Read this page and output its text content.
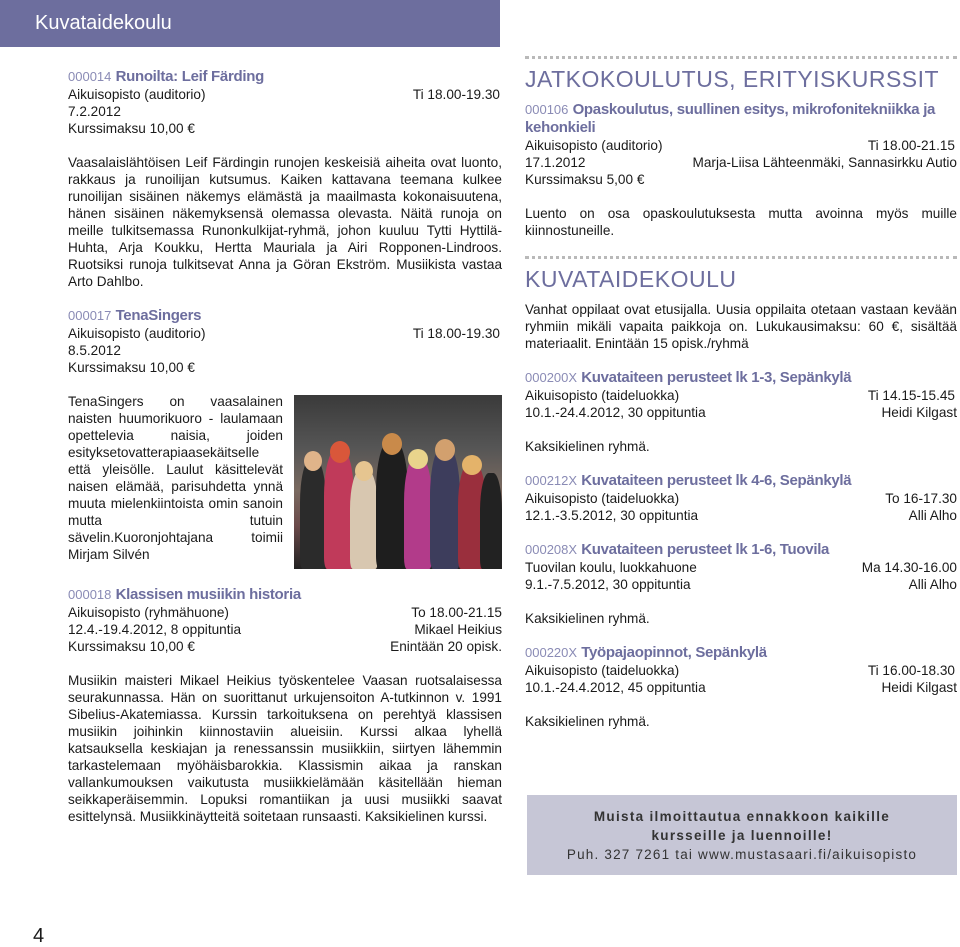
Kuvataidekoulu
000014 Runoilta: Leif Färding
Aikuisopisto (auditorio)	Ti 18.00-19.30
7.2.2012
Kurssimaksu 10,00 €
Vaasalaislähtöisen Leif Färdingin runojen keskeisiä aiheita ovat luonto, rakkaus ja runoilijan kutsumus. Kaiken kattavana teemana kulkee runoilijan sisäinen näkemys elämästä ja maailmasta kokonaisuutena, hänen sisäinen näkemyksensä olemassa olevasta. Näitä runoja on meille tulkitsemassa Runonkulkijat-ryhmä, johon kuuluu Tytti Hyttilä-Huhta, Arja Koukku, Hertta Mauriala ja Airi Ropponen-Lindroos. Ruotsiksi runoja tulkitsevat Anna ja Göran Ekström. Musiikista vastaa Arto Dahlbo.
000017 TenaSingers
Aikuisopisto (auditorio)	Ti 18.00-19.30
8.5.2012
Kurssimaksu 10,00 €
TenaSingers on vaasalainen naisten huumorikuoro - laulamaan opettelevia naisia, joiden esityksetovatterapiaasekäitselle että yleisölle. Laulut käsittelevät naisen elämää, parisuhdetta ynnä muuta mielenkiintoista omin sanoin mutta tutuin sävelin.Kuoronjohtajana toimii Mirjam Silvén
000018 Klassisen musiikin historia
Aikuisopisto (ryhmähuone)	To 18.00-21.15
12.4.-19.4.2012, 8 oppituntia	Mikael Heikius
Kurssimaksu 10,00 €	Enintään 20 opisk.
Musiikin maisteri Mikael Heikius työskentelee Vaasan ruotsalaisessa seurakunnassa. Hän on suorittanut urkujensoiton A-tutkinnon v. 1991 Sibelius-Akatemiassa. Kurssin tarkoituksena on perehtyä klassisen musiikin joihinkin kiinnostaviin alueisiin. Kurssi alkaa lyhellä katsauksella keskiajan ja renessanssin musiikkiin, siirtyen lähemmin tarkastelemaan myöhäisbarokkia. Klassismin aikaa ja ranskan vallankumouksen vaikutusta musiikkielämään käsitellään hieman seikkaperäisemmin. Lopuksi romantiikan ja uusi musiikki saavat esittelynsä. Musiikkinäytteitä soitetaan runsaasti. Kaksikielinen kurssi.
JATKOKOULUTUS, ERITYISKURSSIT
000106 Opaskoulutus, suullinen esitys, mikrofonitekniikka ja kehonkieli
Aikuisopisto (auditorio)	Ti 18.00-21.15
17.1.2012	Marja-Liisa Lähteenmäki, Sannasirkku Autio
Kurssimaksu 5,00 €
Luento on osa opaskoulutuksesta mutta avoinna myös muille kiinnostuneille.
KUVATAIDEKOULU
Vanhat oppilaat ovat etusijalla. Uusia oppilaita otetaan vastaan kevään ryhmiin mikäli vapaita paikkoja on. Lukukausimaksu: 60 €, sisältää materiaalit. Enintään 15 opisk./ryhmä
000200X Kuvataiteen perusteet lk 1-3, Sepänkylä
Aikuisopisto (taideluokka)	Ti 14.15-15.45
10.1.-24.4.2012, 30 oppituntia	Heidi Kilgast
Kaksikielinen ryhmä.
000212X Kuvataiteen perusteet lk 4-6, Sepänkylä
Aikuisopisto (taideluokka)	To 16-17.30
12.1.-3.5.2012, 30 oppituntia	Alli Alho
000208X Kuvataiteen perusteet lk 1-6, Tuovila
Tuovilan koulu, luokkahuone	Ma 14.30-16.00
9.1.-7.5.2012, 30 oppituntia	Alli Alho
Kaksikielinen ryhmä.
000220X Työpajaopinnot, Sepänkylä
Aikuisopisto (taideluokka)	Ti 16.00-18.30
10.1.-24.4.2012, 45 oppituntia	Heidi Kilgast
Kaksikielinen ryhmä.
Muista ilmoittautua ennakkoon kaikille
kursseille ja luennoille!
Puh. 327 7261 tai www.mustasaari.fi/aikuisopisto
4
